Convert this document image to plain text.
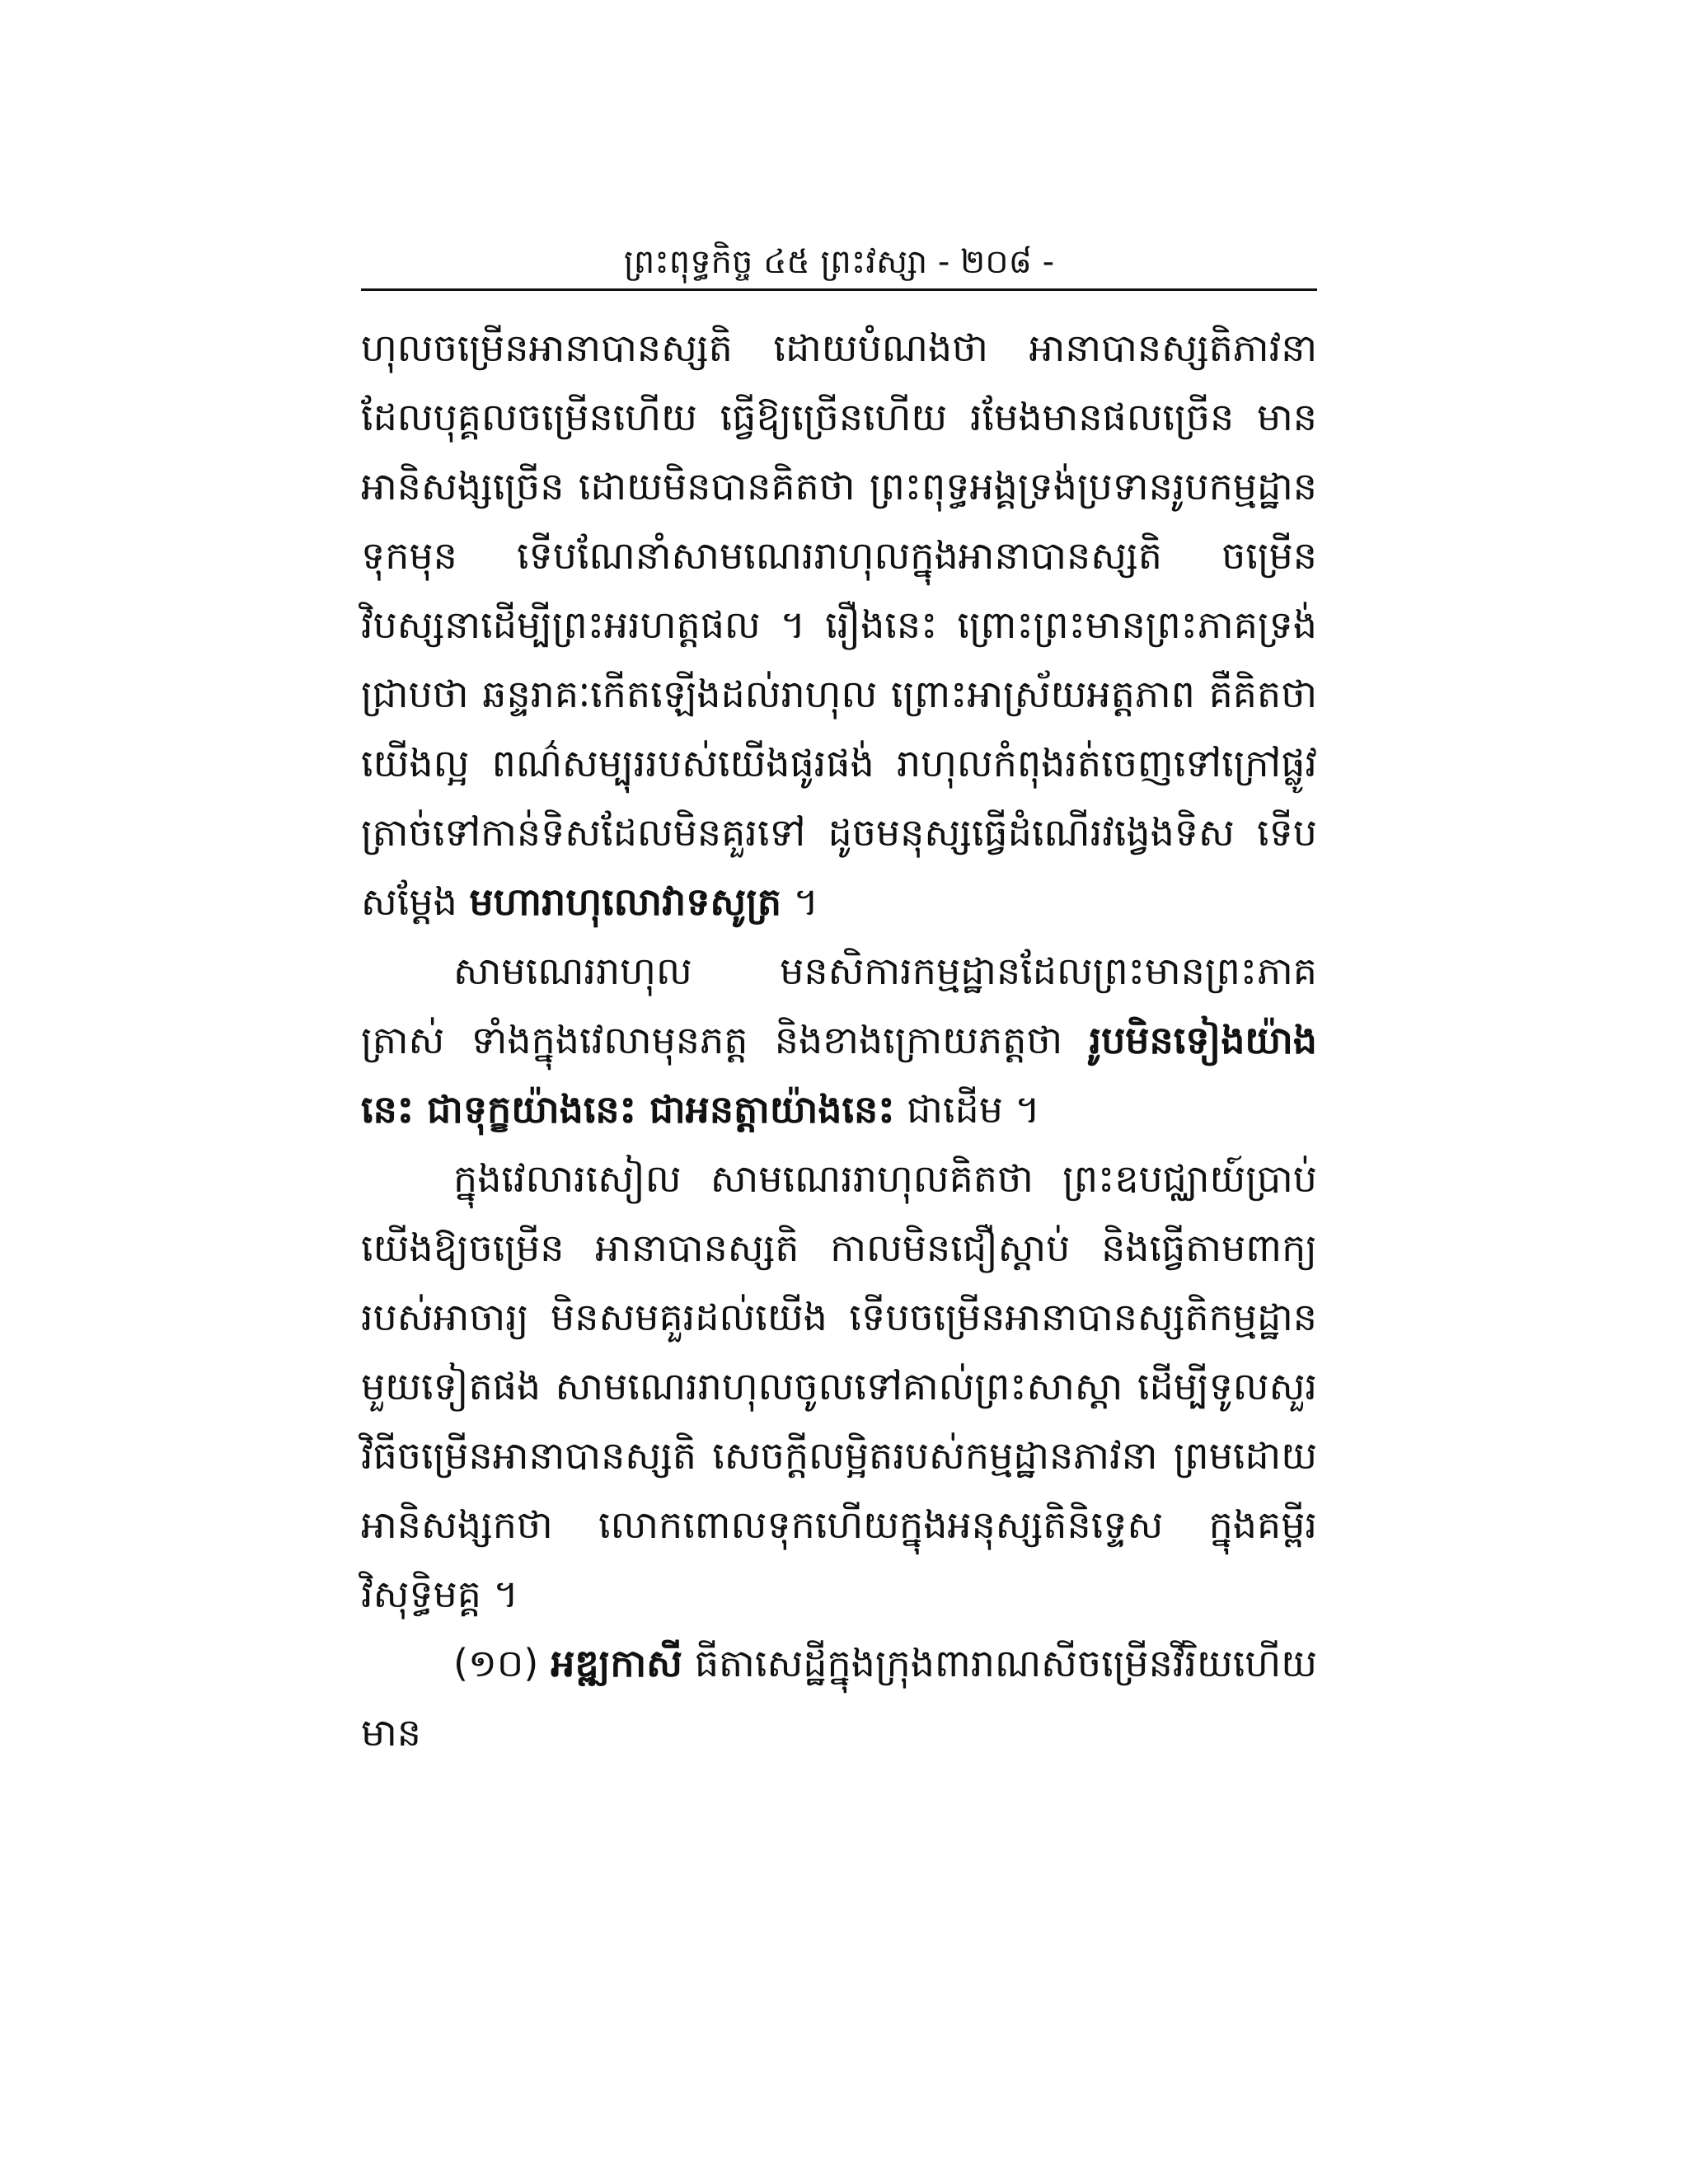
ព្រះពុទ្ធកិច្ច ៤៥ ព្រះវស្សា - ២០៨ -

ហុលចម្រើនអានាបានស្សតិ ដោយបំណងថា អានាបានស្សតិភាវនាដែលបុគ្គលចម្រើនហើយ ធ្វើឱ្យច្រើនហើយ រមែងមានផលច្រើន មានអានិសង្សច្រើន ដោយមិនបានគិតថា ព្រះពុទ្ធអង្គទ្រង់ប្រទានរូបកម្មដ្ឋានទុកមុន ទើបណែនាំសាមណេររាហុលក្នុងអានាបានស្សតិ ចម្រើនវិបស្សនាដើម្បីព្រះអរហត្តផល ។ រឿងនេះ ព្រោះព្រះមានព្រះភាគទ្រង់ជ្រាបថា ឆន្ទរាគៈកើតឡើងដល់រាហុល ព្រោះអាស្រ័យអត្តភាព គឺគិតថា យើងល្អ ពណ៌សម្បុររបស់យើងផូរផង់ រាហុលកំពុងរត់ចេញទៅក្រៅផ្លូវ ត្រាច់ទៅកាន់ទិសដែលមិនគួរទៅ ដូចមនុស្សធ្វើដំណើរវង្វេងទិស ទើបសម្តែង មហារាហុលោវាទសូត្រ ។

សាមណេររាហុល មនសិការកម្មដ្ឋានដែលព្រះមានព្រះភាគត្រាស់ ទាំងក្នុងវេលាមុនភត្ត និងខាងក្រោយភត្តថា រូបមិនទៀងយ៉ាងនេះ ជាទុក្ខយ៉ាងនេះ ជាអនត្តាយ៉ាងនេះ ជាដើម ។

ក្នុងវេលារសៀល សាមណេររាហុលគិតថា ព្រះឧបជ្ឈាយ៍ប្រាប់យើងឱ្យចម្រើន អានាបានស្សតិ កាលមិនជឿស្តាប់ និងធ្វើតាមពាក្យរបស់អាចារ្យ មិនសមគួរដល់យើង ទើបចម្រើនអានាបានស្សតិកម្មដ្ឋានមួយទៀតផង សាមណេររាហុលចូលទៅគាល់ព្រះសាស្តា ដើម្បីទូលសួរវិធីចម្រើនអានាបានស្សតិ សេចក្តីលម្អិតរបស់កម្មដ្ឋានភាវនា ព្រមដោយអានិសង្សកថា លោកពោលទុកហើយក្នុងអនុស្សតិនិទ្ទេស ក្នុងគម្ពីរវិសុទ្ធិមគ្គ ។

(១០) អឌ្ឍកាសី ធីតាសេដ្ឋីក្នុងក្រុងពារាណសីចម្រើនវីរិយហើយ មាន
